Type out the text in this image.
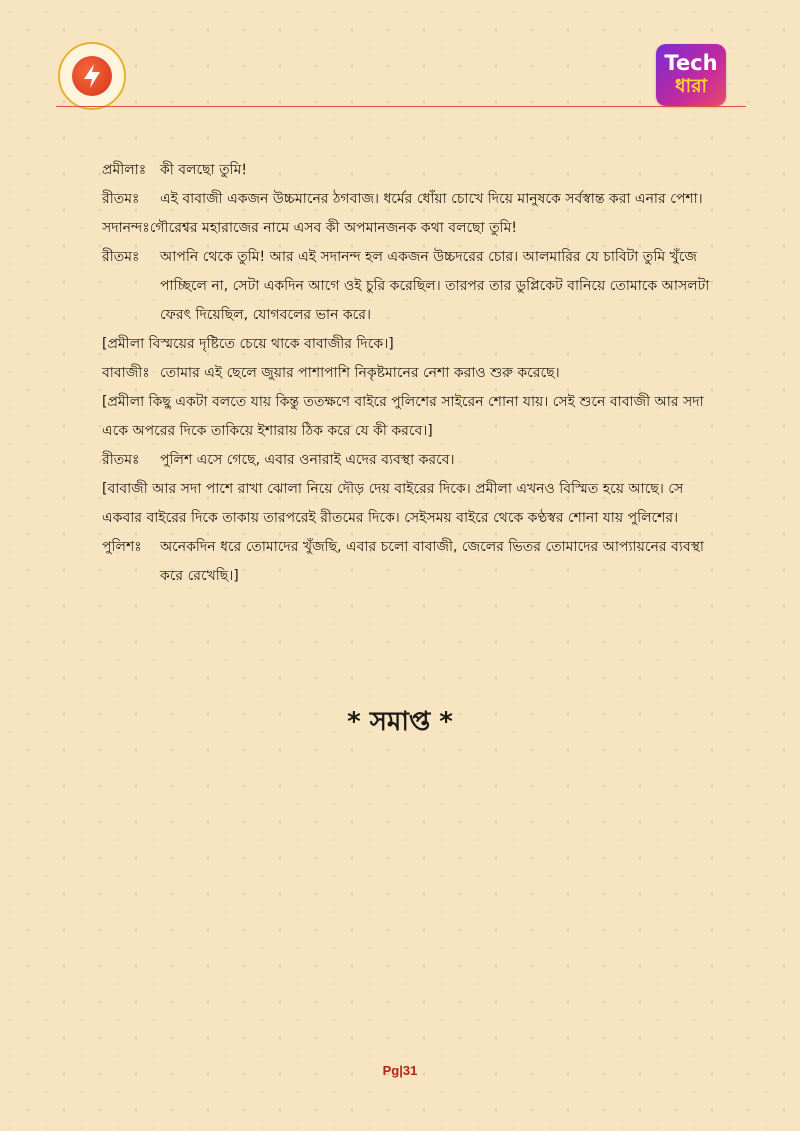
Tech
ধারা
প্রমীলাঃ কী বলছো তুমি!
রীতমঃ	এই বাবাজী একজন উচ্চমানের ঠগবাজ। ধর্মের ধোঁয়া চোখে দিয়ে মানুষকে সর্বস্বান্ত করা এনার পেশা।
সদানন্দঃ গৌরেশ্বর মহারাজের নামে এসব কী অপমানজনক কথা বলছো তুমি!
রীতমঃ	আপনি থেকে তুমি! আর এই সদানন্দ হল একজন উচ্চদরের চোর। আলমারির যে চাবিটা তুমি খুঁজে পাচ্ছিলে না, সেটা একদিন আগে ওই চুরি করেছিল। তারপর তার ডুপ্লিকেট বানিয়ে তোমাকে আসলটা ফেরৎ দিয়েছিল, যোগবলের ভান করে।
[প্রমীলা বিস্ময়ের দৃষ্টিতে চেয়ে থাকে বাবাজীর দিকে।]
বাবাজীঃ তোমার এই ছেলে জুয়ার পাশাপাশি নিকৃষ্টমানের নেশা করাও শুরু করেছে।
[প্রমীলা কিছু একটা বলতে যায় কিন্তু ততক্ষণে বাইরে পুলিশের সাইরেন শোনা যায়। সেই শুনে বাবাজী আর সদা একে অপরের দিকে তাকিয়ে ইশারায় ঠিক করে যে কী করবে।]
রীতমঃ	পুলিশ এসে গেছে, এবার ওনারাই এদের ব্যবস্থা করবে।
[বাবাজী আর সদা পাশে রাখা ঝোলা নিয়ে দৌড় দেয় বাইরের দিকে। প্রমীলা এখনও বিস্মিত হয়ে আছে। সে একবার বাইরের দিকে তাকায় তারপরেই রীতমের দিকে। সেইসময় বাইরে থেকে কণ্ঠস্বর শোনা যায় পুলিশের।
পুলিশঃ	অনেকদিন ধরে তোমাদের খুঁজছি, এবার চলো বাবাজী, জেলের ভিতর তোমাদের আপ্যায়নের ব্যবস্থা করে রেখেছি।]
* সমাপ্ত *
Pg|31
